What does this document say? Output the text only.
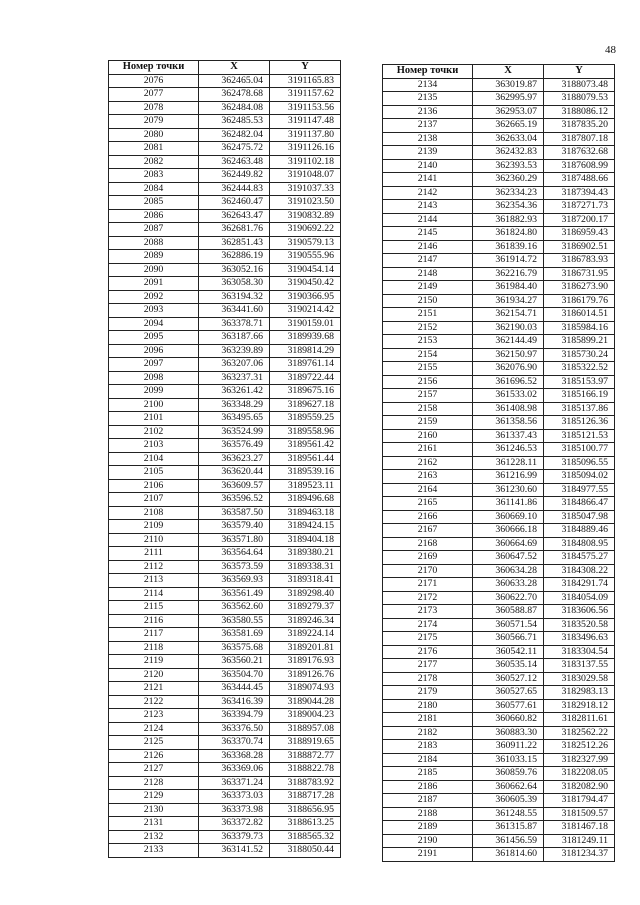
48
Номер точки	X	Y
2076	362465.04	3191165.83
2077	362478.68	3191157.62
2078	362484.08	3191153.56
2079	362485.53	3191147.48
2080	362482.04	3191137.80
2081	362475.72	3191126.16
2082	362463.48	3191102.18
2083	362449.82	3191048.07
2084	362444.83	3191037.33
2085	362460.47	3191023.50
2086	362643.47	3190832.89
2087	362681.76	3190692.22
2088	362851.43	3190579.13
2089	362886.19	3190555.96
2090	363052.16	3190454.14
2091	363058.30	3190450.42
2092	363194.32	3190366.95
2093	363441.60	3190214.42
2094	363378.71	3190159.01
2095	363187.66	3189939.68
2096	363239.89	3189814.29
2097	363207.06	3189761.14
2098	363237.31	3189722.44
2099	363261.42	3189675.16
2100	363348.29	3189627.18
2101	363495.65	3189559.25
2102	363524.99	3189558.96
2103	363576.49	3189561.42
2104	363623.27	3189561.44
2105	363620.44	3189539.16
2106	363609.57	3189523.11
2107	363596.52	3189496.68
2108	363587.50	3189463.18
2109	363579.40	3189424.15
2110	363571.80	3189404.18
2111	363564.64	3189380.21
2112	363573.59	3189338.31
2113	363569.93	3189318.41
2114	363561.49	3189298.40
2115	363562.60	3189279.37
2116	363580.55	3189246.34
2117	363581.69	3189224.14
2118	363575.68	3189201.81
2119	363560.21	3189176.93
2120	363504.70	3189126.76
2121	363444.45	3189074.93
2122	363416.39	3189044.28
2123	363394.79	3189004.23
2124	363376.50	3188957.08
2125	363370.74	3188919.65
2126	363368.28	3188872.77
2127	363369.06	3188822.78
2128	363371.24	3188783.92
2129	363373.03	3188717.28
2130	363373.98	3188656.95
2131	363372.82	3188613.25
2132	363379.73	3188565.32
2133	363141.52	3188050.44
Номер точки	X	Y
2134	363019.87	3188073.48
2135	362995.97	3188079.53
2136	362953.07	3188086.12
2137	362665.19	3187835.20
2138	362633.04	3187807.18
2139	362432.83	3187632.68
2140	362393.53	3187608.99
2141	362360.29	3187488.66
2142	362334.23	3187394.43
2143	362354.36	3187271.73
2144	361882.93	3187200.17
2145	361824.80	3186959.43
2146	361839.16	3186902.51
2147	361914.72	3186783.93
2148	362216.79	3186731.95
2149	361984.40	3186273.90
2150	361934.27	3186179.76
2151	362154.71	3186014.51
2152	362190.03	3185984.16
2153	362144.49	3185899.21
2154	362150.97	3185730.24
2155	362076.90	3185322.52
2156	361696.52	3185153.97
2157	361533.02	3185166.19
2158	361408.98	3185137.86
2159	361358.56	3185126.36
2160	361337.43	3185121.53
2161	361246.53	3185100.77
2162	361228.11	3185096.55
2163	361216.99	3185094.02
2164	361230.60	3184977.55
2165	361141.86	3184866.47
2166	360669.10	3185047.98
2167	360666.18	3184889.46
2168	360664.69	3184808.95
2169	360647.52	3184575.27
2170	360634.28	3184308.22
2171	360633.28	3184291.74
2172	360622.70	3184054.09
2173	360588.87	3183606.56
2174	360571.54	3183520.58
2175	360566.71	3183496.63
2176	360542.11	3183304.54
2177	360535.14	3183137.55
2178	360527.12	3183029.58
2179	360527.65	3182983.13
2180	360577.61	3182918.12
2181	360660.82	3182811.61
2182	360883.30	3182562.22
2183	360911.22	3182512.26
2184	361033.15	3182327.99
2185	360859.76	3182208.05
2186	360662.64	3182082.90
2187	360605.39	3181794.47
2188	361248.55	3181509.57
2189	361315.87	3181467.18
2190	361456.59	3181249.11
2191	361814.60	3181234.37
